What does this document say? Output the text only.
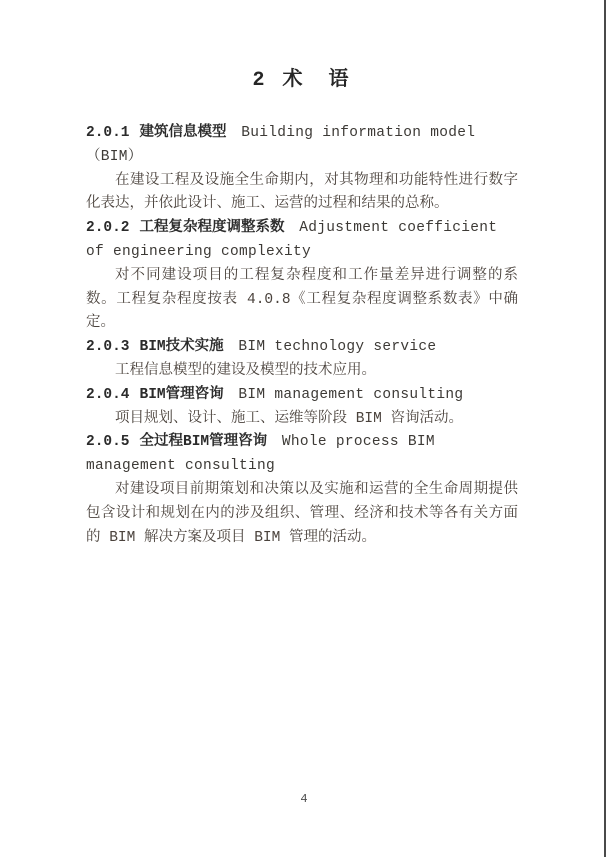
2 术　语

2.0.1 建筑信息模型 Building information model（BIM）

在建设工程及设施全生命期内，对其物理和功能特性进行数字化表达，并依此设计、施工、运营的过程和结果的总称。

2.0.2 工程复杂程度调整系数 Adjustment coefficient of engineering complexity

对不同建设项目的工程复杂程度和工作量差异进行调整的系数。工程复杂程度按表 4.0.8《工程复杂程度调整系数表》中确定。

2.0.3 BIM技术实施 BIM technology service

工程信息模型的建设及模型的技术应用。

2.0.4 BIM管理咨询 BIM management consulting

项目规划、设计、施工、运维等阶段 BIM 咨询活动。

2.0.5 全过程BIM管理咨询 Whole process BIM management consulting

对建设项目前期策划和决策以及实施和运营的全生命周期提供包含设计和规划在内的涉及组织、管理、经济和技术等各有关方面的 BIM 解决方案及项目 BIM 管理的活动。

4
